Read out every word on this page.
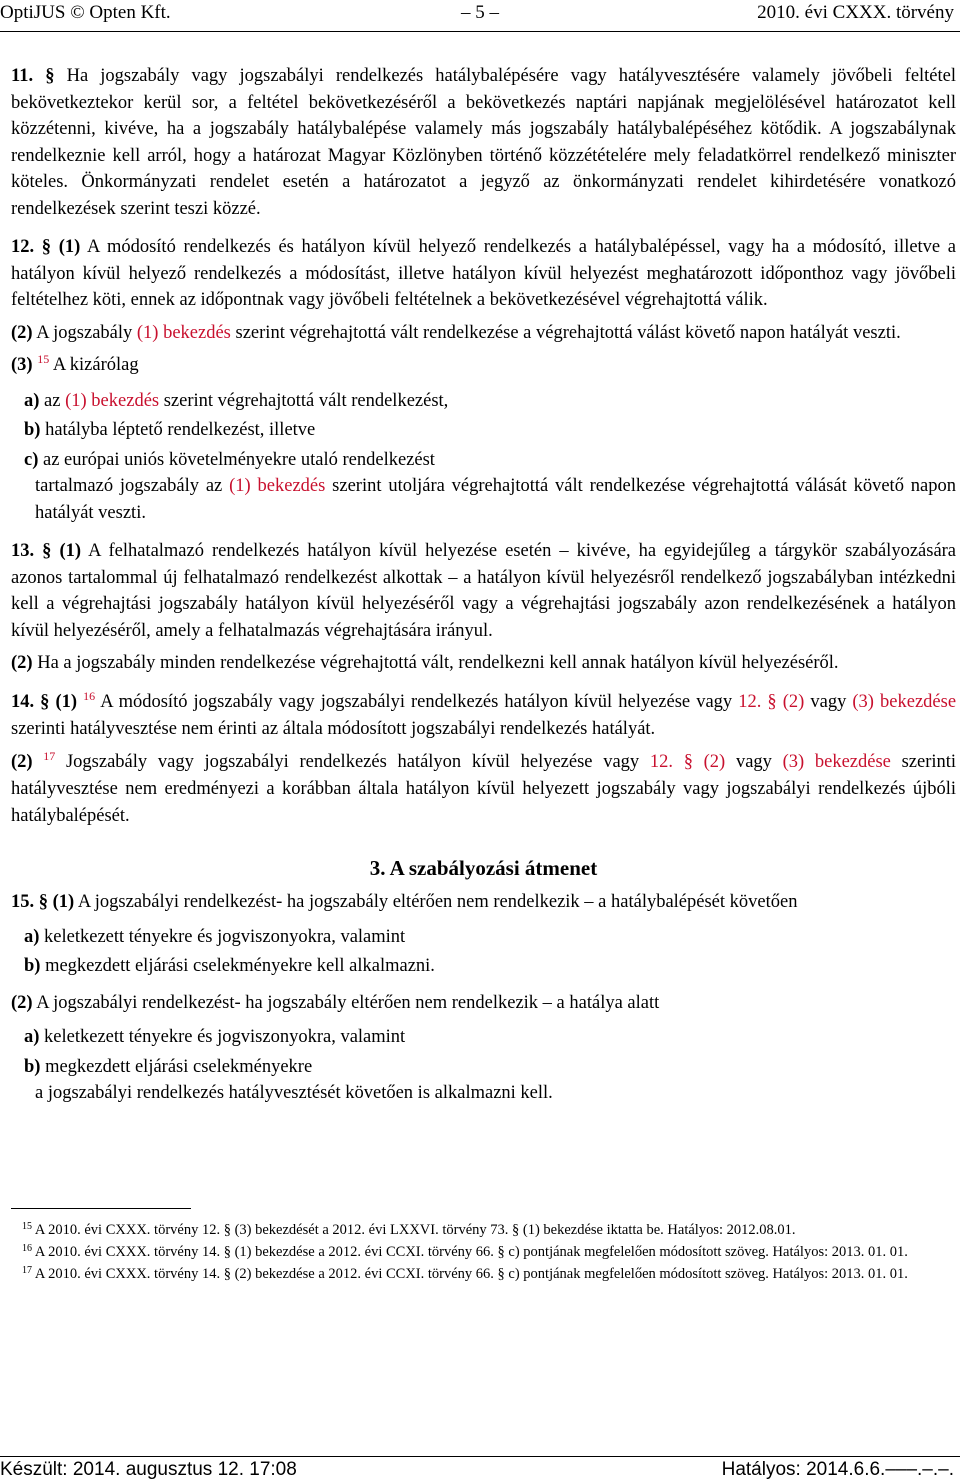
OptiJUS © Opten Kft.	– 5 –	2010. évi CXXX. törvény

11. § Ha jogszabály vagy jogszabályi rendelkezés hatálybalépésére vagy hatályvesztésére valamely jövőbeli feltétel bekövetkeztekor kerül sor, a feltétel bekövetkezéséről a bekövetkezés naptári napjának megjelölésével határozatot kell közzétenni, kivéve, ha a jogszabály hatálybalépése valamely más jogszabály hatálybalépéséhez kötődik. A jogszabálynak rendelkeznie kell arról, hogy a határozat Magyar Közlönyben történő közzétételére mely feladatkörrel rendelkező miniszter köteles. Önkormányzati rendelet esetén a határozatot a jegyző az önkormányzati rendelet kihirdetésére vonatkozó rendelkezések szerint teszi közzé.

12. § (1) A módosító rendelkezés és hatályon kívül helyező rendelkezés a hatálybalépéssel, vagy ha a módosító, illetve a hatályon kívül helyező rendelkezés a módosítást, illetve hatályon kívül helyezést meghatározott időponthoz vagy jövőbeli feltételhez köti, ennek az időpontnak vagy jövőbeli feltételnek a bekövetkezésével végrehajtottá válik.

(2) A jogszabály (1) bekezdés szerint végrehajtottá vált rendelkezése a végrehajtottá válást követő napon hatályát veszti.

(3) $^{15}$ A kizárólag

a) az (1) bekezdés szerint végrehajtottá vált rendelkezést,
b) hatályba léptető rendelkezést, illetve
c) az európai uniós követelményekre utaló rendelkezést
tartalmazó jogszabály az (1) bekezdés szerint utoljára végrehajtottá vált rendelkezése végrehajtottá válását követő napon hatályát veszti.

13. § (1) A felhatalmazó rendelkezés hatályon kívül helyezése esetén – kivéve, ha egyidejűleg a tárgykör szabályozására azonos tartalommal új felhatalmazó rendelkezést alkottak – a hatályon kívül helyezésről rendelkező jogszabályban intézkedni kell a végrehajtási jogszabály hatályon kívül helyezéséről vagy a végrehajtási jogszabály azon rendelkezésének a hatályon kívül helyezéséről, amely a felhatalmazás végrehajtására irányul.

(2) Ha a jogszabály minden rendelkezése végrehajtottá vált, rendelkezni kell annak hatályon kívül helyezéséről.

14. § (1) $^{16}$ A módosító jogszabály vagy jogszabályi rendelkezés hatályon kívül helyezése vagy 12. § (2) vagy (3) bekezdése szerinti hatályvesztése nem érinti az általa módosított jogszabályi rendelkezés hatályát.

(2) $^{17}$ Jogszabály vagy jogszabályi rendelkezés hatályon kívül helyezése vagy 12. § (2) vagy (3) bekezdése szerinti hatályvesztése nem eredményezi a korábban általa hatályon kívül helyezett jogszabály vagy jogszabályi rendelkezés újbóli hatálybalépését.

3. A szabályozási átmenet

15. § (1) A jogszabályi rendelkezést- ha jogszabály eltérően nem rendelkezik – a hatálybalépését követően

a) keletkezett tényekre és jogviszonyokra, valamint
b) megkezdett eljárási cselekményekre kell alkalmazni.

(2) A jogszabályi rendelkezést- ha jogszabály eltérően nem rendelkezik – a hatálya alatt

a) keletkezett tényekre és jogviszonyokra, valamint
b) megkezdett eljárási cselekményekre
a jogszabályi rendelkezés hatályvesztését követően is alkalmazni kell.

$^{15}$ A 2010. évi CXXX. törvény 12. § (3) bekezdését a 2012. évi LXXVI. törvény 73. § (1) bekezdése iktatta be. Hatályos: 2012.08.01.

$^{16}$ A 2010. évi CXXX. törvény 14. § (1) bekezdése a 2012. évi CCXI. törvény 66. § c) pontjának megfelelően módosított szöveg. Hatályos: 2013. 01. 01.

$^{17}$ A 2010. évi CXXX. törvény 14. § (2) bekezdése a 2012. évi CCXI. törvény 66. § c) pontjának megfelelően módosított szöveg. Hatályos: 2013. 01. 01.

Készült: 2014. augusztus 12. 17:08	Hatályos: 2014.6.6.–––.–.–.
